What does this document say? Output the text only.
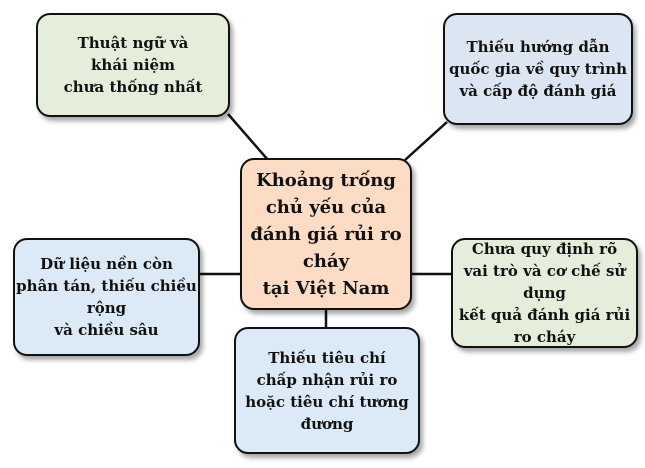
Khoảng trống
chủ yếu của
đánh giá rủi ro cháy
tại Việt Nam
Thuật ngữ và
khái niệm
chưa thống nhất
Thiếu hướng dẫn
quốc gia về quy trình
và cấp độ đánh giá
Dữ liệu nền còn
phân tán, thiếu chiều rộng
và chiều sâu
Chưa quy định rõ
vai trò và cơ chế sử dụng
kết quả đánh giá rủi ro cháy
Thiếu tiêu chí
chấp nhận rủi ro
hoặc tiêu chí tương đương
